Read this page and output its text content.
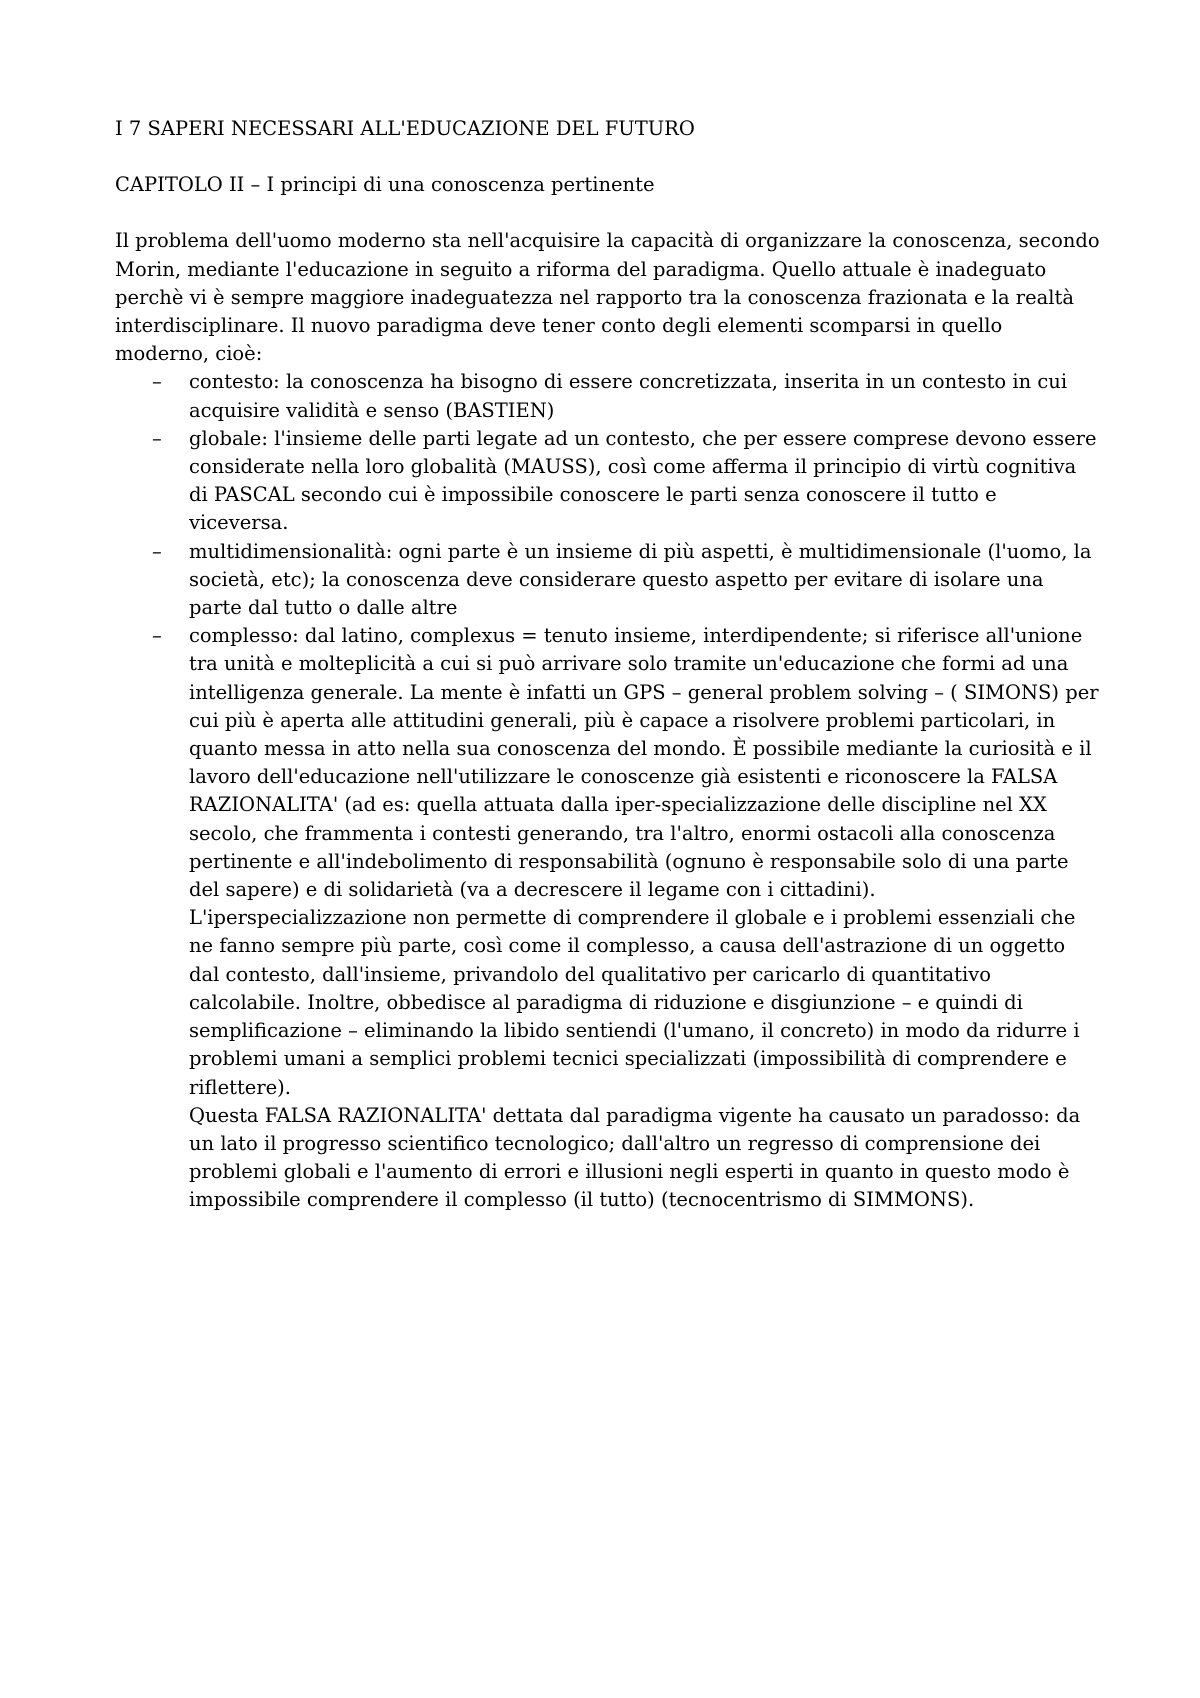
I 7 SAPERI NECESSARI ALL'EDUCAZIONE DEL FUTURO
CAPITOLO II – I principi di una conoscenza pertinente

Il problema dell'uomo moderno sta nell'acquisire la capacità di organizzare la conoscenza, secondo Morin, mediante l'educazione in seguito a riforma del paradigma. Quello attuale è inadeguato perchè vi è sempre maggiore inadeguatezza nel rapporto tra la conoscenza frazionata e la realtà interdisciplinare. Il nuovo paradigma deve tener conto degli elementi scomparsi in quello moderno, cioè:

– contesto: la conoscenza ha bisogno di essere concretizzata, inserita in un contesto in cui acquisire validità e senso (BASTIEN)
– globale: l'insieme delle parti legate ad un contesto, che per essere comprese devono essere considerate nella loro globalità (MAUSS), così come afferma il principio di virtù cognitiva di PASCAL secondo cui è impossibile conoscere le parti senza conoscere il tutto e viceversa.
– multidimensionalità: ogni parte è un insieme di più aspetti, è multidimensionale (l'uomo, la società, etc); la conoscenza deve considerare questo aspetto per evitare di isolare una parte dal tutto o dalle altre
– complesso: dal latino, complexus = tenuto insieme, interdipendente; si riferisce all'unione tra unità e molteplicità a cui si può arrivare solo tramite un'educazione che formi ad una intelligenza generale. La mente è infatti un GPS – general problem solving – ( SIMONS) per cui più è aperta alle attitudini generali, più è capace a risolvere problemi particolari, in quanto messa in atto nella sua conoscenza del mondo. È possibile mediante la curiosità e il lavoro dell'educazione nell'utilizzare le conoscenze già esistenti e riconoscere la FALSA RAZIONALITA' (ad es: quella attuata dalla iper-specializzazione delle discipline nel XX secolo, che frammenta i contesti generando, tra l'altro, enormi ostacoli alla conoscenza pertinente e all'indebolimento di responsabilità (ognuno è responsabile solo di una parte del sapere) e di solidarietà (va a decrescere il legame con i cittadini).
L'iperspecializzazione non permette di comprendere il globale e i problemi essenziali che ne fanno sempre più parte, così come il complesso, a causa dell'astrazione di un oggetto dal contesto, dall'insieme, privandolo del qualitativo per caricarlo di quantitativo calcolabile. Inoltre, obbedisce al paradigma di riduzione e disgiunzione – e quindi di semplificazione – eliminando la libido sentiendi (l'umano, il concreto) in modo da ridurre i problemi umani a semplici problemi tecnici specializzati (impossibilità di comprendere e riflettere).
Questa FALSA RAZIONALITA' dettata dal paradigma vigente ha causato un paradosso: da un lato il progresso scientifico tecnologico; dall'altro un regresso di comprensione dei problemi globali e l'aumento di errori e illusioni negli esperti in quanto in questo modo è impossibile comprendere il complesso (il tutto) (tecnocentrismo di SIMMONS).
